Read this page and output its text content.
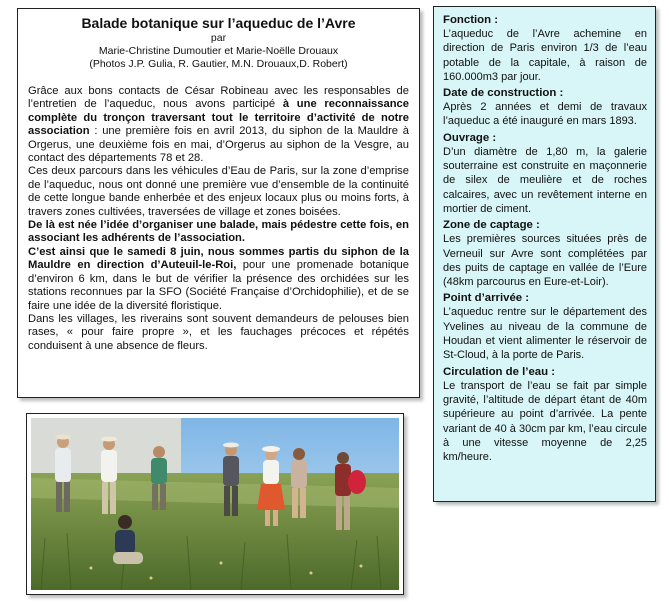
Balade botanique sur l’aqueduc de l’Avre
par
Marie-Christine Dumoutier et Marie-Noëlle Drouaux
(Photos J.P. Gulia, R. Gautier, M.N. Drouaux,D. Robert)

Grâce aux bons contacts de César Robineau avec les responsables de l’entretien de l’aqueduc, nous avons participé à une reconnaissance complète du tronçon traversant tout le territoire d’activité de notre association : une première fois en avril 2013, du siphon de la Mauldre à Orgerus, une deuxième fois en mai, d’Orgerus au siphon de la Vesgre, au contact des départements 78 et 28.

Ces deux parcours dans les véhicules d’Eau de Paris, sur la zone d’emprise de l’aqueduc, nous ont donné une première vue d’ensemble de la continuité de cette longue bande enherbée et des enjeux locaux plus ou moins forts, à travers zones cultivées, traversées de village et zones boisées.

De là est née l’idée d’organiser une balade, mais pédestre cette fois, en associant les adhérents de l’association.

C’est ainsi que le samedi 8 juin, nous sommes partis du siphon de la Mauldre en direction d’Auteuil-le-Roi, pour une promenade botanique d’environ 6 km, dans le but de vérifier la présence des orchidées sur les stations reconnues par la SFO (Société Française d’Orchidophilie), et de se faire une idée de la diversité floristique.

Dans les villages, les riverains sont souvent demandeurs de pelouses bien rases, « pour faire propre », et les fauchages précoces et répétés conduisent à une absence de fleurs.

Fonction :
L’aqueduc de l’Avre achemine en direction de Paris environ 1/3 de l’eau potable de la capitale, à raison de 160.000m3 par jour.
Date de construction :
Après 2 années et demi de travaux l’aqueduc a été inauguré en mars 1893.
Ouvrage :
D’un diamètre de 1,80 m, la galerie souterraine est construite en maçonnerie de silex de meulière et de roches calcaires, avec un revêtement interne en mortier de ciment.
Zone de captage :
Les premières sources situées près de Verneuil sur Avre sont complétées par des puits de captage en vallée de l’Eure (48km parcourus en Eure-et-Loir).
Point d’arrivée :
L’aqueduc rentre sur le département des Yvelines au niveau de la commune de Houdan et vient alimenter le réservoir de St-Cloud, à la porte de Paris.
Circulation de l’eau :
Le transport de l’eau se fait par simple gravité, l’altitude de départ étant de 40m supérieure au point d’arrivée. La pente variant de 40 à 30cm par km, l’eau circule à une vitesse moyenne de 2,25 km/heure.
